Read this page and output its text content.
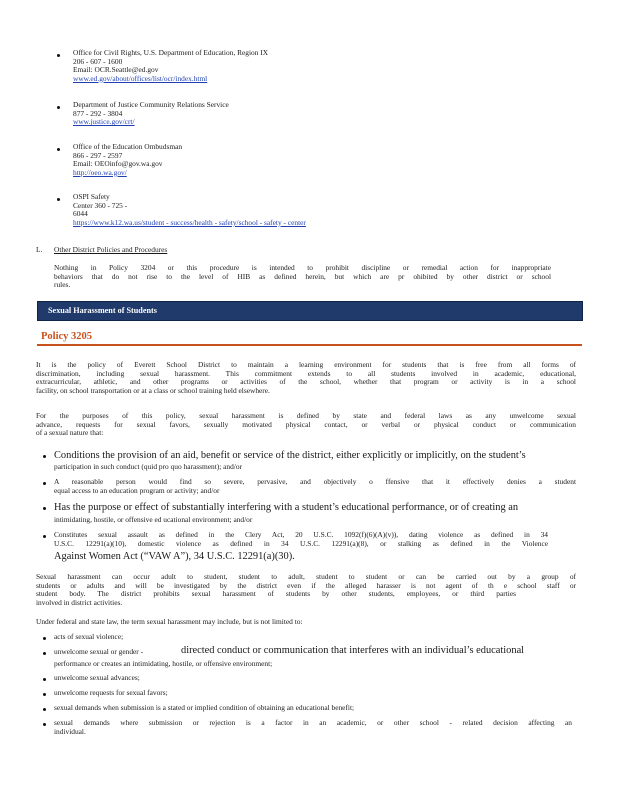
Office for Civil Rights, U.S. Department of Education, Region IX
206 - 607 - 1600
Email: OCR.Seattle@ed.gov
www.ed.gov/about/offices/list/ocr/index.html
Department of Justice Community Relations Service
877 - 292 - 3804
www.justice.gov/crt/
Office of the Education Ombudsman
866 - 297 - 2597
Email: OEOinfo@gov.wa.gov
http://oeo.wa.gov/
OSPI Safety
Center 360 - 725 -
6044
https://www.k12.wa.us/student - success/health - safety/school - safety - center
L. Other District Policies and Procedures
Nothing in Policy 3204 or this procedure is intended to prohibit discipline or remedial action for inappropriate
behaviors that do not rise to the level of HIB as defined herein, but which are pr ohibited by other district or school
rules.
Sexual Harassment of Students
Policy 3205
It is the policy of Everett School District to maintain a learning environment for students that is free from all forms of
discrimination, including sexual harassment. This commitment extends to all students involved in academic, educational,
extracurricular, athletic, and other programs or activities of the school, whether that program or activity is in a school
facility, on school transportation or at a class or school training held elsewhere.
For the purposes of this policy, sexual harassment is defined by state and federal laws as any unwelcome sexual
advance, requests for sexual favors, sexually motivated physical contact, or verbal or physical conduct or communication
of a sexual nature that:
Conditions the provision of an aid, benefit or service of the district, either explicitly or implicitly, on the student’s
participation in such conduct (quid pro quo harassment); and/or
A reasonable person would find so severe, pervasive, and objectively o ffensive that it effectively denies a student
equal access to an education program or activity; and/or
Has the purpose or effect of substantially interfering with a student’s educational performance, or of creating an
intimidating, hostile, or offensive ed ucational environment; and/or
Constitutes sexual assault as defined in the Clery Act, 20 U.S.C. 1092(f)(6)(A)(v)), dating violence as defined in 34
U.S.C. 12291(a)(10), domestic violence as defined in 34 U.S.C. 12291(a)(8), or stalking as defined in the Violence
Against Women Act (“VAW A”), 34 U.S.C. 12291(a)(30).
Sexual harassment can occur adult to student, student to adult, student to student or can be carried out by a group of
students or adults and will be investigated by the district even if the alleged harasser is not agent of th e school staff or
student body. The district prohibits sexual harassment of students by other students, employees, or third parties
involved in district activities.
Under federal and state law, the term sexual harassment may include, but is not limited to:
acts of sexual violence;
unwelcome sexual or gender -	directed conduct or communication that interferes with an individual’s educational
performance or creates an intimidating, hostile, or offensive environment;
unwelcome sexual advances;
unwelcome requests for sexual favors;
sexual demands when submission is a stated or implied condition of obtaining an educational benefit;
sexual demands where submission or rejection is a factor in an academic, or other school - related decision affecting an
individual.
